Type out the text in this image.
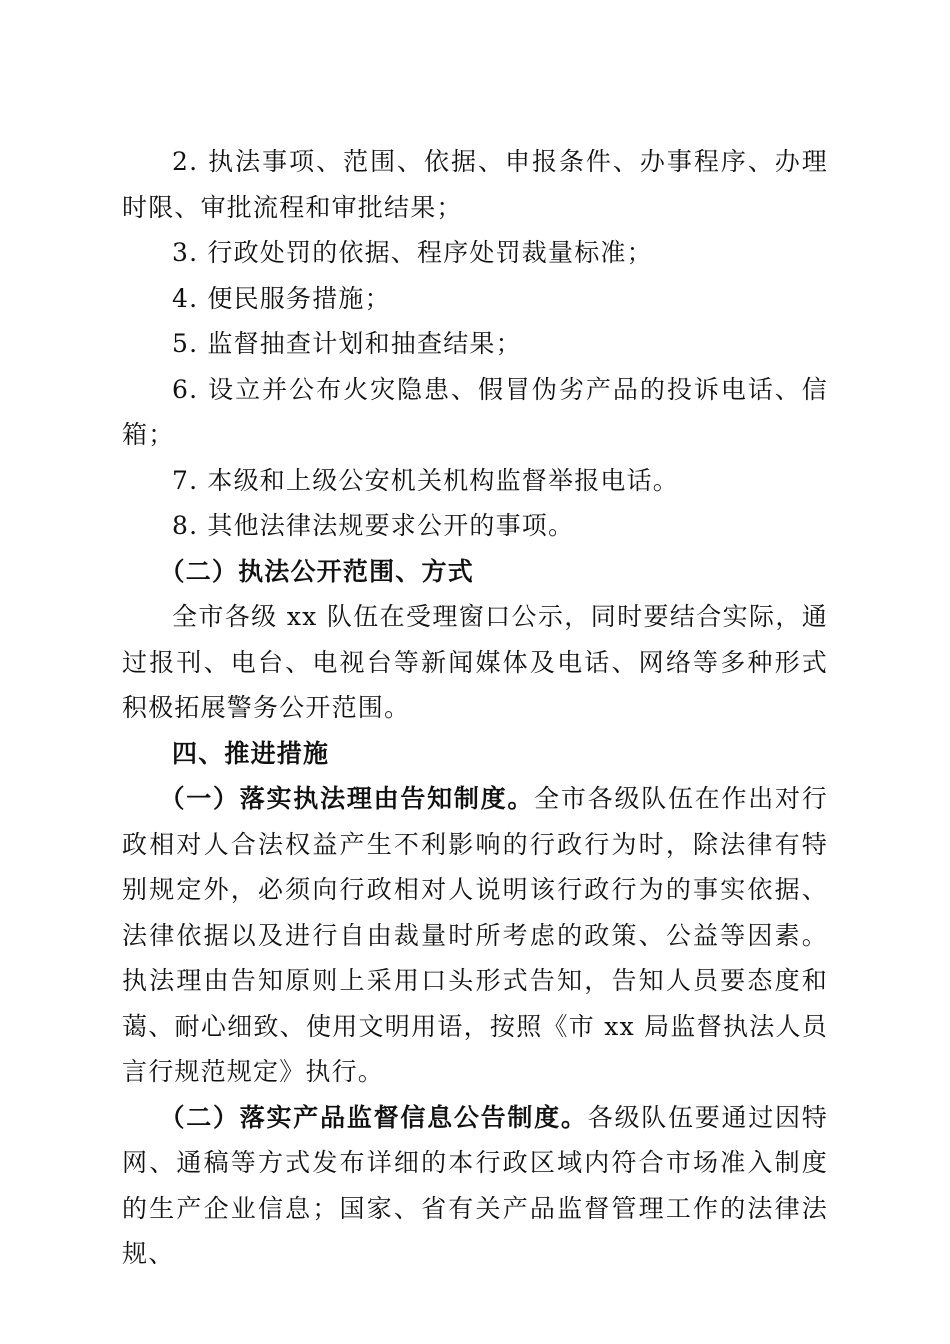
2. 执法事项、范围、依据、申报条件、办事程序、办理时限、审批流程和审批结果；

3. 行政处罚的依据、程序处罚裁量标准；

4. 便民服务措施；

5. 监督抽查计划和抽查结果；

6. 设立并公布火灾隐患、假冒伪劣产品的投诉电话、信箱；

7. 本级和上级公安机关机构监督举报电话。

8. 其他法律法规要求公开的事项。

（二）执法公开范围、方式

全市各级 xx 队伍在受理窗口公示，同时要结合实际，通过报刊、电台、电视台等新闻媒体及电话、网络等多种形式积极拓展警务公开范围。

四、推进措施

（一）落实执法理由告知制度。全市各级队伍在作出对行政相对人合法权益产生不利影响的行政行为时，除法律有特别规定外，必须向行政相对人说明该行政行为的事实依据、法律依据以及进行自由裁量时所考虑的政策、公益等因素。执法理由告知原则上采用口头形式告知，告知人员要态度和蔼、耐心细致、使用文明用语，按照《市 xx 局监督执法人员言行规范规定》执行。

（二）落实产品监督信息公告制度。各级队伍要通过因特网、通稿等方式发布详细的本行政区域内符合市场准入制度的生产企业信息；国家、省有关产品监督管理工作的法律法规、
